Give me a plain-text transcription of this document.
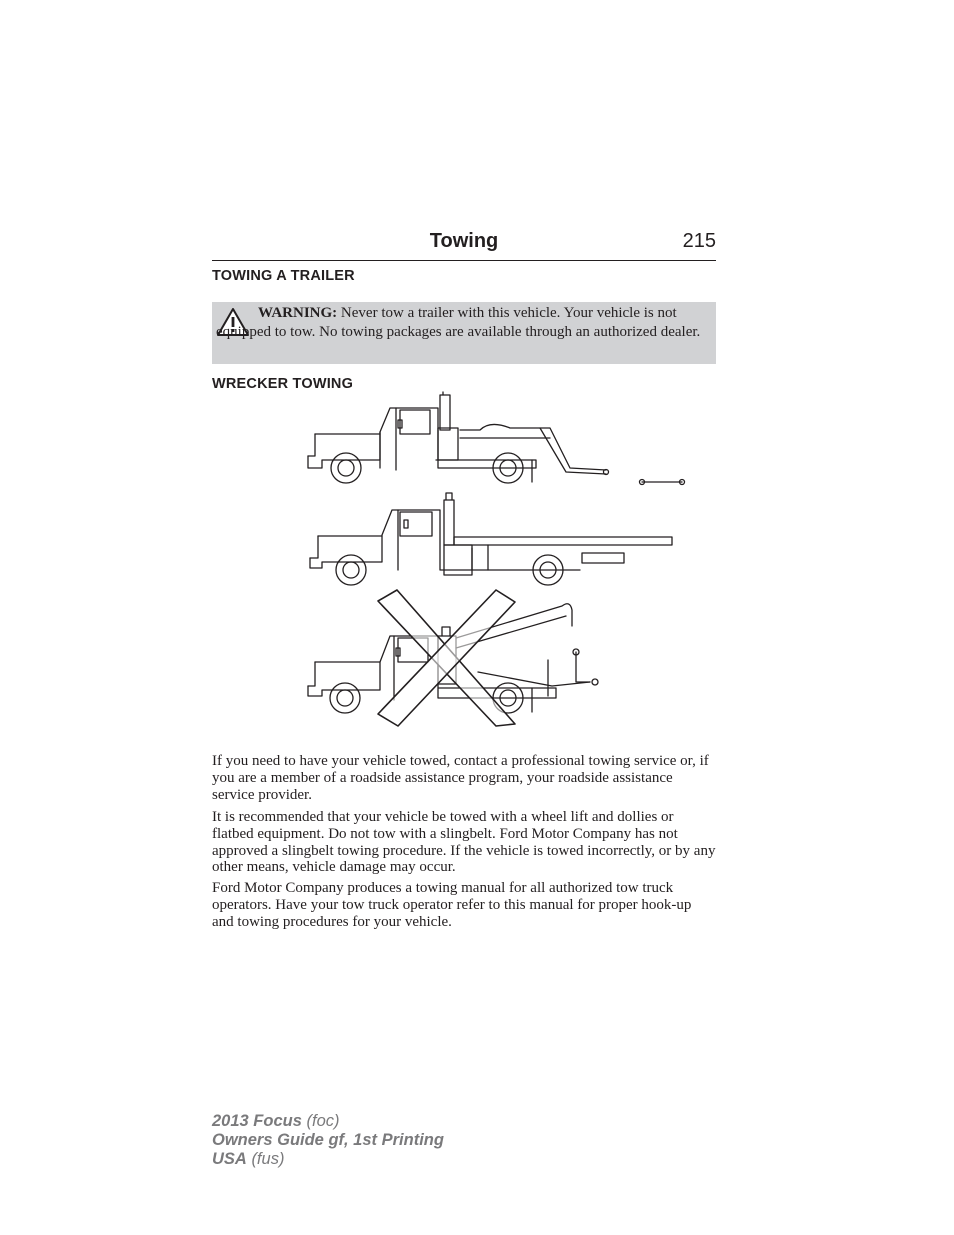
Towing	215
TOWING A TRAILER
WARNING: Never tow a trailer with this vehicle. Your vehicle is not equipped to tow. No towing packages are available through an authorized dealer.
WRECKER TOWING
If you need to have your vehicle towed, contact a professional towing service or, if you are a member of a roadside assistance program, your roadside assistance service provider.
It is recommended that your vehicle be towed with a wheel lift and dollies or flatbed equipment. Do not tow with a slingbelt. Ford Motor Company has not approved a slingbelt towing procedure. If the vehicle is towed incorrectly, or by any other means, vehicle damage may occur.
Ford Motor Company produces a towing manual for all authorized tow truck operators. Have your tow truck operator refer to this manual for proper hook-up and towing procedures for your vehicle.
2013 Focus (foc)
Owners Guide gf, 1st Printing
USA (fus)
